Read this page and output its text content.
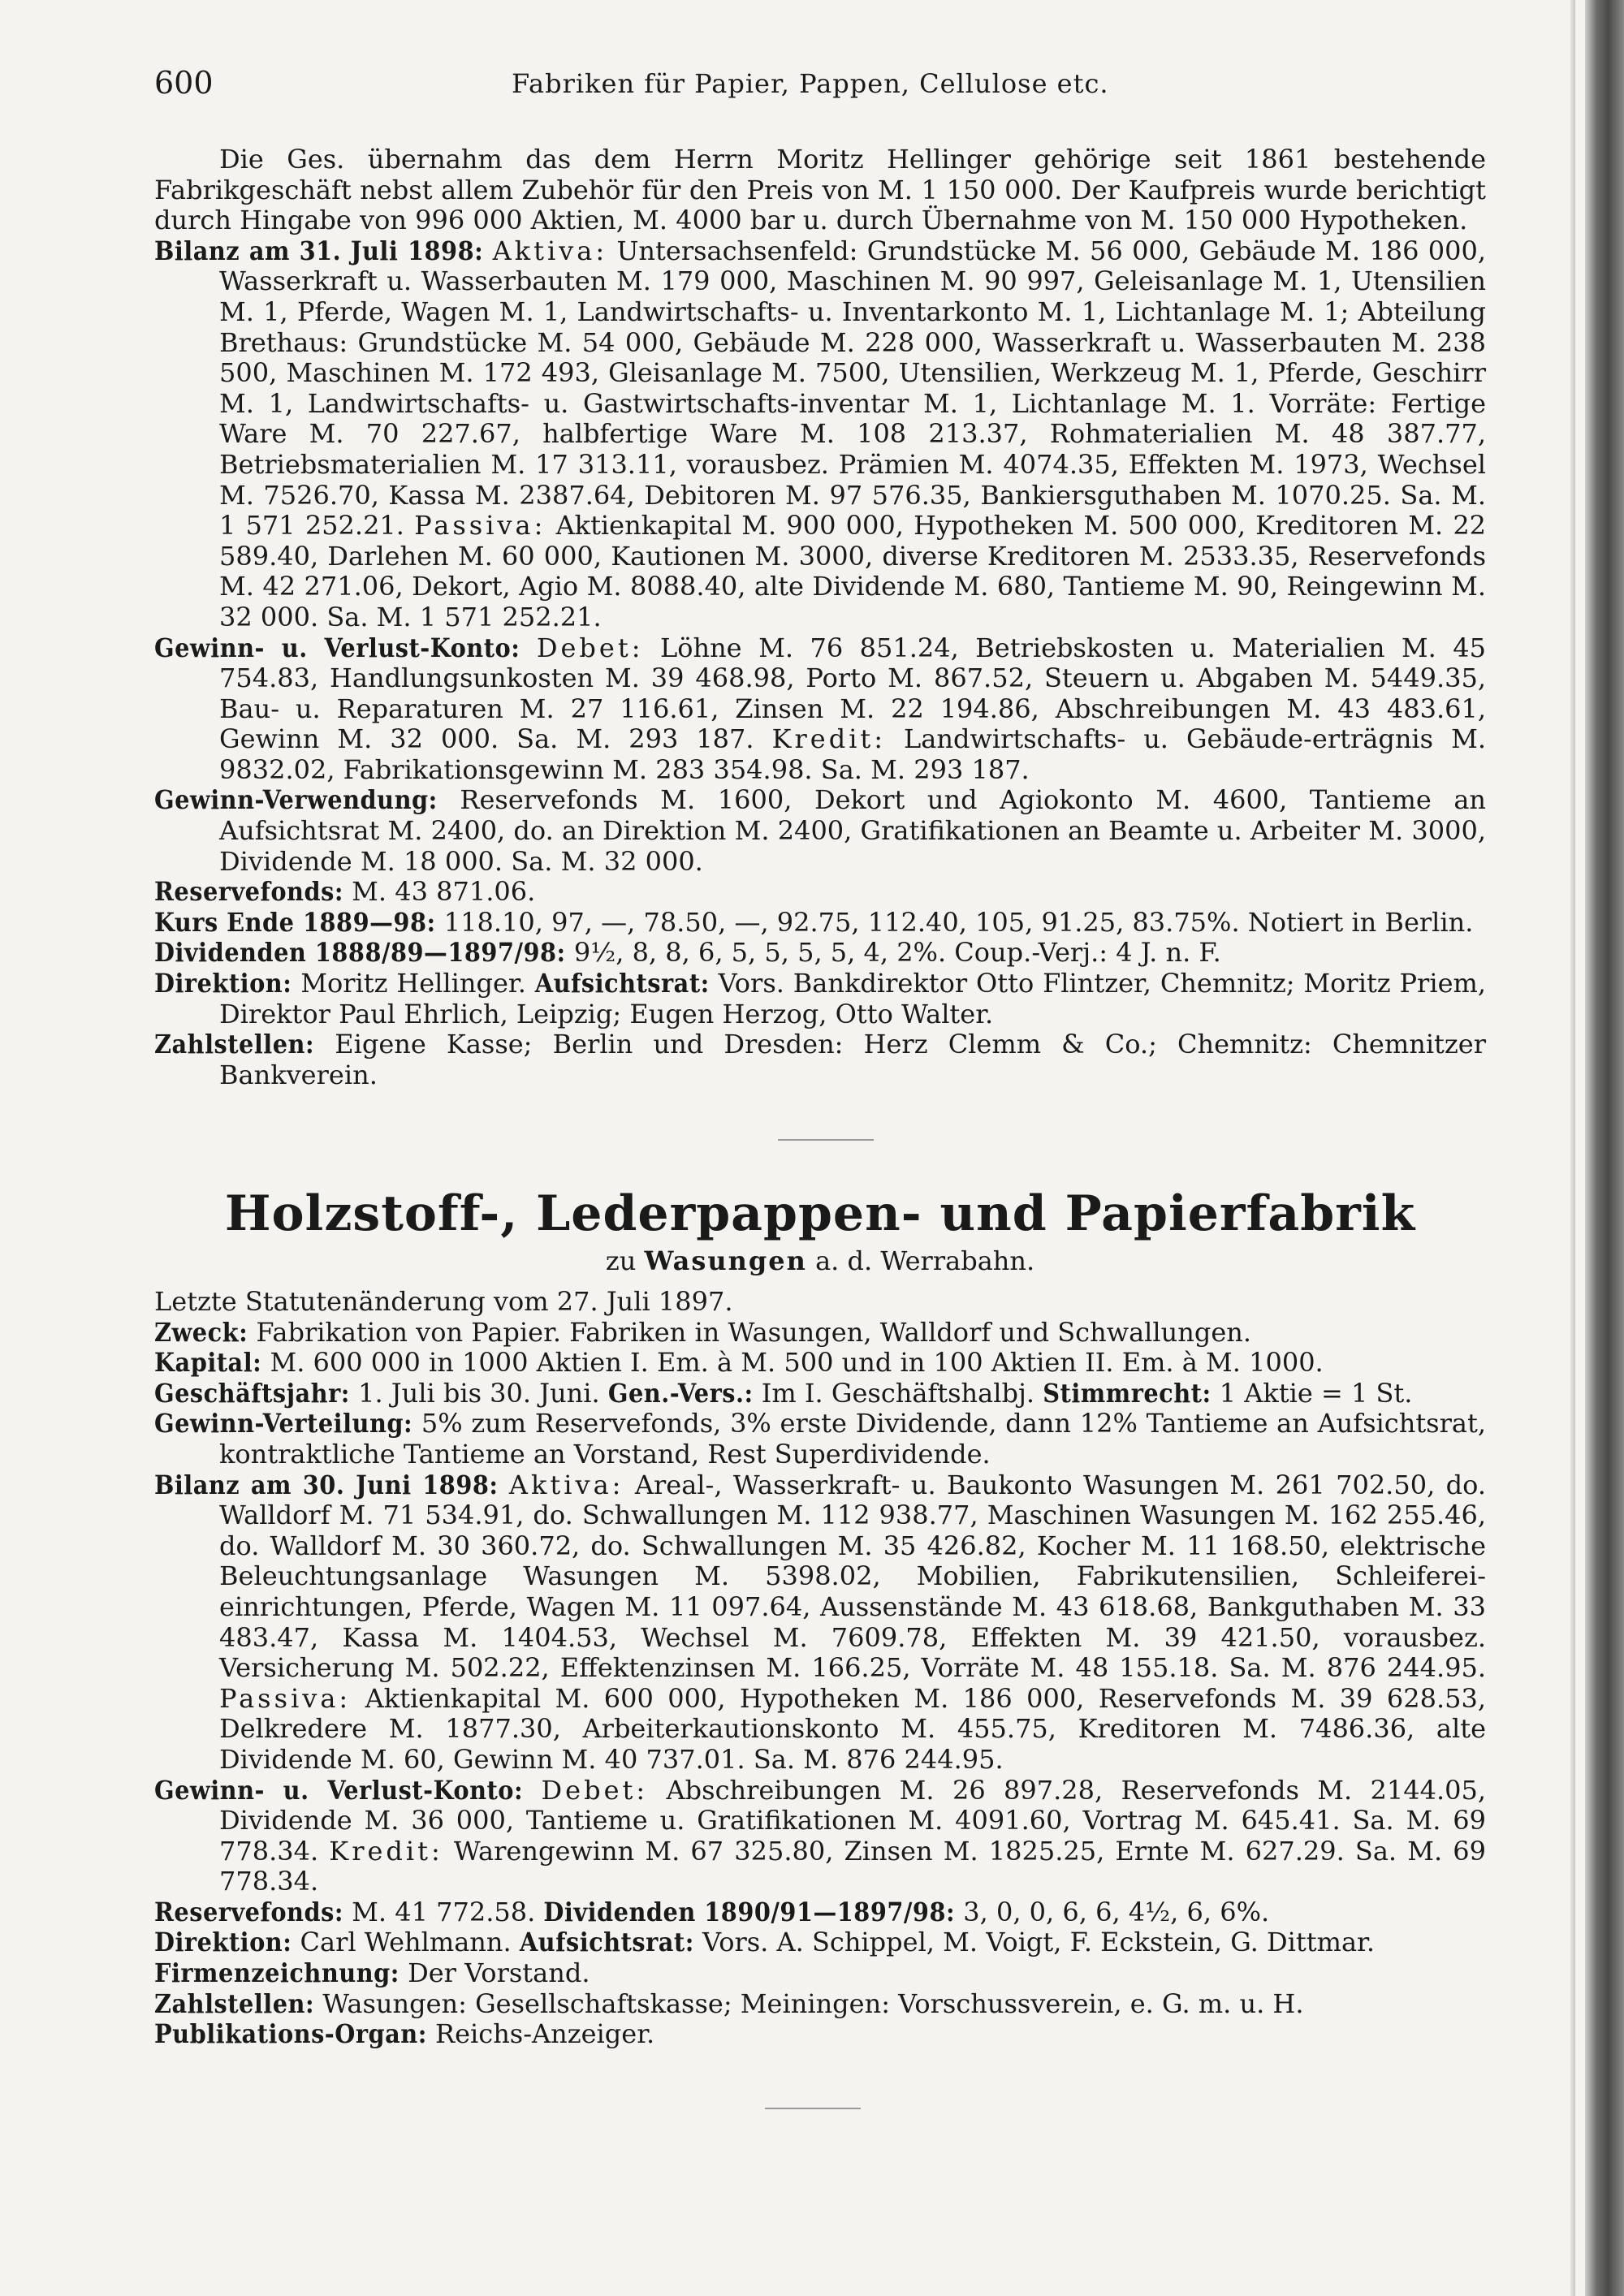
600	Fabriken für Papier, Pappen, Cellulose etc.

Die Ges. übernahm das dem Herrn Moritz Hellinger gehörige seit 1861 bestehende Fabrikgeschäft nebst allem Zubehör für den Preis von M. 1 150 000. Der Kaufpreis wurde berichtigt durch Hingabe von 996 000 Aktien, M. 4000 bar u. durch Übernahme von M. 150 000 Hypotheken.

Bilanz am 31. Juli 1898: Aktiva: Untersachsenfeld: Grundstücke M. 56 000, Gebäude M. 186 000, Wasserkraft u. Wasserbauten M. 179 000, Maschinen M. 90 997, Geleisanlage M. 1, Utensilien M. 1, Pferde, Wagen M. 1, Landwirtschafts- u. Inventarkonto M. 1, Lichtanlage M. 1; Abteilung Brethaus: Grundstücke M. 54 000, Gebäude M. 228 000, Wasserkraft u. Wasserbauten M. 238 500, Maschinen M. 172 493, Gleisanlage M. 7500, Utensilien, Werkzeug M. 1, Pferde, Geschirr M. 1, Landwirtschafts- u. Gastwirtschafts-inventar M. 1, Lichtanlage M. 1. Vorräte: Fertige Ware M. 70 227.67, halbfertige Ware M. 108 213.37, Rohmaterialien M. 48 387.77, Betriebsmaterialien M. 17 313.11, vorausbez. Prämien M. 4074.35, Effekten M. 1973, Wechsel M. 7526.70, Kassa M. 2387.64, Debitoren M. 97 576.35, Bankiersguthaben M. 1070.25. Sa. M. 1 571 252.21. Passiva: Aktienkapital M. 900 000, Hypotheken M. 500 000, Kreditoren M. 22 589.40, Darlehen M. 60 000, Kautionen M. 3000, diverse Kreditoren M. 2533.35, Reservefonds M. 42 271.06, Dekort, Agio M. 8088.40, alte Dividende M. 680, Tantieme M. 90, Reingewinn M. 32 000. Sa. M. 1 571 252.21.

Gewinn- u. Verlust-Konto: Debet: Löhne M. 76 851.24, Betriebskosten u. Materialien M. 45 754.83, Handlungsunkosten M. 39 468.98, Porto M. 867.52, Steuern u. Abgaben M. 5449.35, Bau- u. Reparaturen M. 27 116.61, Zinsen M. 22 194.86, Abschreibungen M. 43 483.61, Gewinn M. 32 000. Sa. M. 293 187. Kredit: Landwirtschafts- u. Gebäude-erträgnis M. 9832.02, Fabrikationsgewinn M. 283 354.98. Sa. M. 293 187.

Gewinn-Verwendung: Reservefonds M. 1600, Dekort und Agiokonto M. 4600, Tantieme an Aufsichtsrat M. 2400, do. an Direktion M. 2400, Gratifikationen an Beamte u. Arbeiter M. 3000, Dividende M. 18 000. Sa. M. 32 000.

Reservefonds: M. 43 871.06.

Kurs Ende 1889—98: 118.10, 97, —, 78.50, —, 92.75, 112.40, 105, 91.25, 83.75%. Notiert in Berlin.

Dividenden 1888/89—1897/98: 9½, 8, 8, 6, 5, 5, 5, 5, 4, 2%. Coup.-Verj.: 4 J. n. F.

Direktion: Moritz Hellinger. Aufsichtsrat: Vors. Bankdirektor Otto Flintzer, Chemnitz; Moritz Priem, Direktor Paul Ehrlich, Leipzig; Eugen Herzog, Otto Walter.

Zahlstellen: Eigene Kasse; Berlin und Dresden: Herz Clemm & Co.; Chemnitz: Chemnitzer Bankverein.

Holzstoff-, Lederpappen- und Papierfabrik
zu Wasungen a. d. Werrabahn.

Letzte Statutenänderung vom 27. Juli 1897.

Zweck: Fabrikation von Papier. Fabriken in Wasungen, Walldorf und Schwallungen.

Kapital: M. 600 000 in 1000 Aktien I. Em. à M. 500 und in 100 Aktien II. Em. à M. 1000.

Geschäftsjahr: 1. Juli bis 30. Juni. Gen.-Vers.: Im I. Geschäftshalbj. Stimmrecht: 1 Aktie = 1 St.

Gewinn-Verteilung: 5% zum Reservefonds, 3% erste Dividende, dann 12% Tantieme an Aufsichtsrat, kontraktliche Tantieme an Vorstand, Rest Superdividende.

Bilanz am 30. Juni 1898: Aktiva: Areal-, Wasserkraft- u. Baukonto Wasungen M. 261 702.50, do. Walldorf M. 71 534.91, do. Schwallungen M. 112 938.77, Maschinen Wasungen M. 162 255.46, do. Walldorf M. 30 360.72, do. Schwallungen M. 35 426.82, Kocher M. 11 168.50, elektrische Beleuchtungsanlage Wasungen M. 5398.02, Mobilien, Fabrikutensilien, Schleiferei-einrichtungen, Pferde, Wagen M. 11 097.64, Aussenstände M. 43 618.68, Bankguthaben M. 33 483.47, Kassa M. 1404.53, Wechsel M. 7609.78, Effekten M. 39 421.50, vorausbez. Versicherung M. 502.22, Effektenzinsen M. 166.25, Vorräte M. 48 155.18. Sa. M. 876 244.95. Passiva: Aktienkapital M. 600 000, Hypotheken M. 186 000, Reservefonds M. 39 628.53, Delkredere M. 1877.30, Arbeiterkautionskonto M. 455.75, Kreditoren M. 7486.36, alte Dividende M. 60, Gewinn M. 40 737.01. Sa. M. 876 244.95.

Gewinn- u. Verlust-Konto: Debet: Abschreibungen M. 26 897.28, Reservefonds M. 2144.05, Dividende M. 36 000, Tantieme u. Gratifikationen M. 4091.60, Vortrag M. 645.41. Sa. M. 69 778.34. Kredit: Warengewinn M. 67 325.80, Zinsen M. 1825.25, Ernte M. 627.29. Sa. M. 69 778.34.

Reservefonds: M. 41 772.58. Dividenden 1890/91—1897/98: 3, 0, 0, 6, 6, 4½, 6, 6%.

Direktion: Carl Wehlmann. Aufsichtsrat: Vors. A. Schippel, M. Voigt, F. Eckstein, G. Dittmar.

Firmenzeichnung: Der Vorstand.

Zahlstellen: Wasungen: Gesellschaftskasse; Meiningen: Vorschussverein, e. G. m. u. H.

Publikations-Organ: Reichs-Anzeiger.
